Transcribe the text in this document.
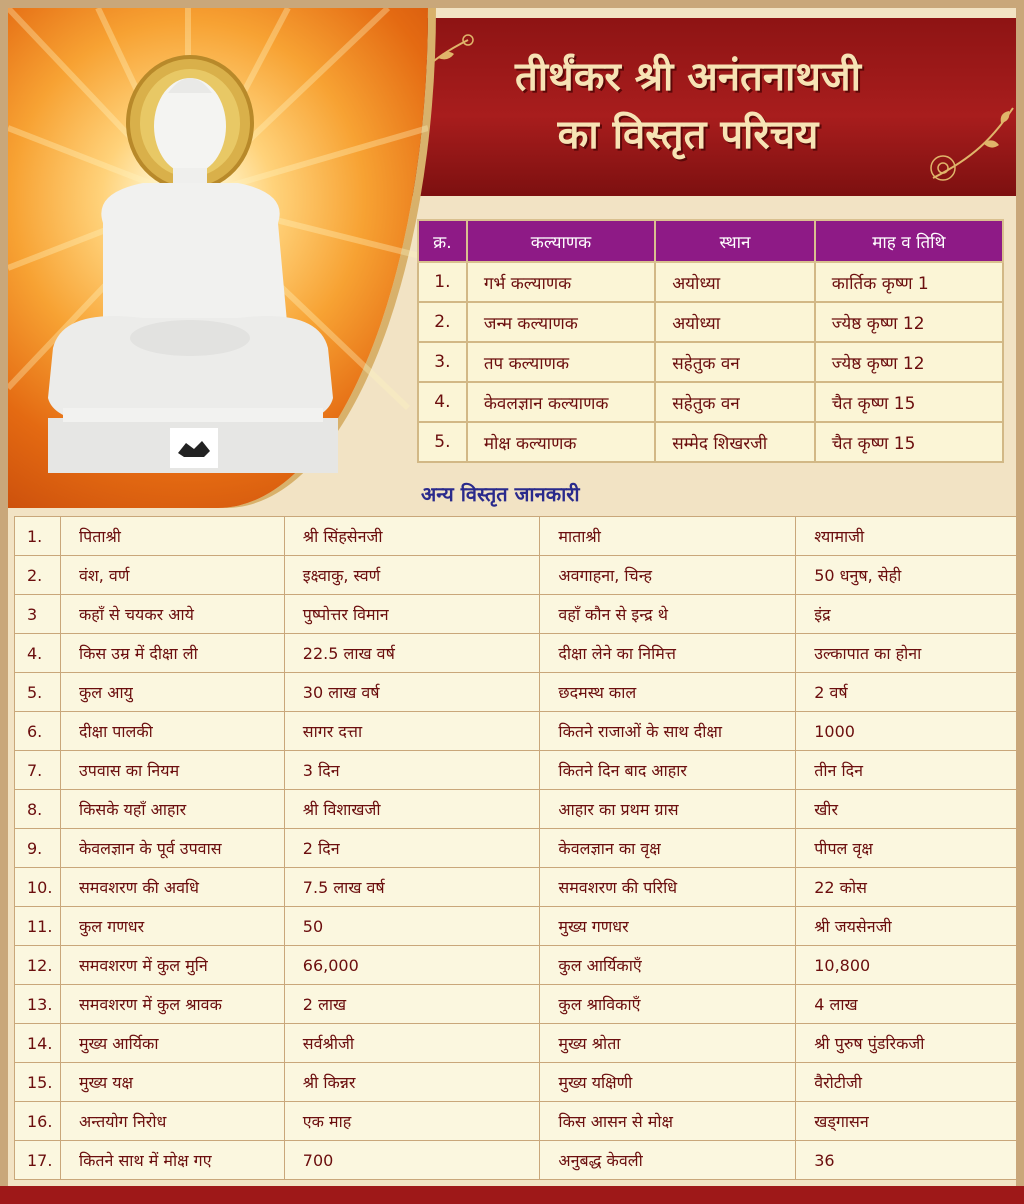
तीर्थंकर श्री अनंतनाथजी
का विस्तृत परिचय
क्र.	कल्याणक	स्थान	माह व तिथि
1.	गर्भ कल्याणक	अयोध्या	कार्तिक कृष्ण 1
2.	जन्म कल्याणक	अयोध्या	ज्येष्ठ कृष्ण 12
3.	तप कल्याणक	सहेतुक वन	ज्येष्ठ कृष्ण 12
4.	केवलज्ञान कल्याणक	सहेतुक वन	चैत कृष्ण 15
5.	मोक्ष कल्याणक	सम्मेद शिखरजी	चैत कृष्ण 15
अन्य विस्तृत जानकारी
1.	पिताश्री	श्री सिंहसेनजी	माताश्री	श्यामाजी
2.	वंश, वर्ण	इक्ष्वाकु, स्वर्ण	अवगाहना, चिन्ह	50 धनुष, सेही
3	कहाँ से चयकर आये	पुष्पोत्तर विमान	वहाँ कौन से इन्द्र थे	इंद्र
4.	किस उम्र में दीक्षा ली	22.5 लाख वर्ष	दीक्षा लेने का निमित्त	उल्कापात का होना
5.	कुल आयु	30 लाख वर्ष	छदमस्थ काल	2 वर्ष
6.	दीक्षा पालकी	सागर दत्ता	कितने राजाओं के साथ दीक्षा	1000
7.	उपवास का नियम	3 दिन	कितने दिन बाद आहार	तीन दिन
8.	किसके यहाँ आहार	श्री विशाखजी	आहार का प्रथम ग्रास	खीर
9.	केवलज्ञान के पूर्व उपवास	2 दिन	केवलज्ञान का वृक्ष	पीपल वृक्ष
10.	समवशरण की अवधि	7.5 लाख वर्ष	समवशरण की परिधि	22 कोस
11.	कुल गणधर	50	मुख्य गणधर	श्री जयसेनजी
12.	समवशरण में कुल मुनि	66,000	कुल आर्यिकाएँ	10,800
13.	समवशरण में कुल श्रावक	2 लाख	कुल श्राविकाएँ	4 लाख
14.	मुख्य आर्यिका	सर्वश्रीजी	मुख्य श्रोता	श्री पुरुष पुंडरिकजी
15.	मुख्य यक्ष	श्री किन्नर	मुख्य यक्षिणी	वैरोटीजी
16.	अन्तयोग निरोध	एक माह	किस आसन से मोक्ष	खड्गासन
17.	कितने साथ में मोक्ष गए	700	अनुबद्ध केवली	36
